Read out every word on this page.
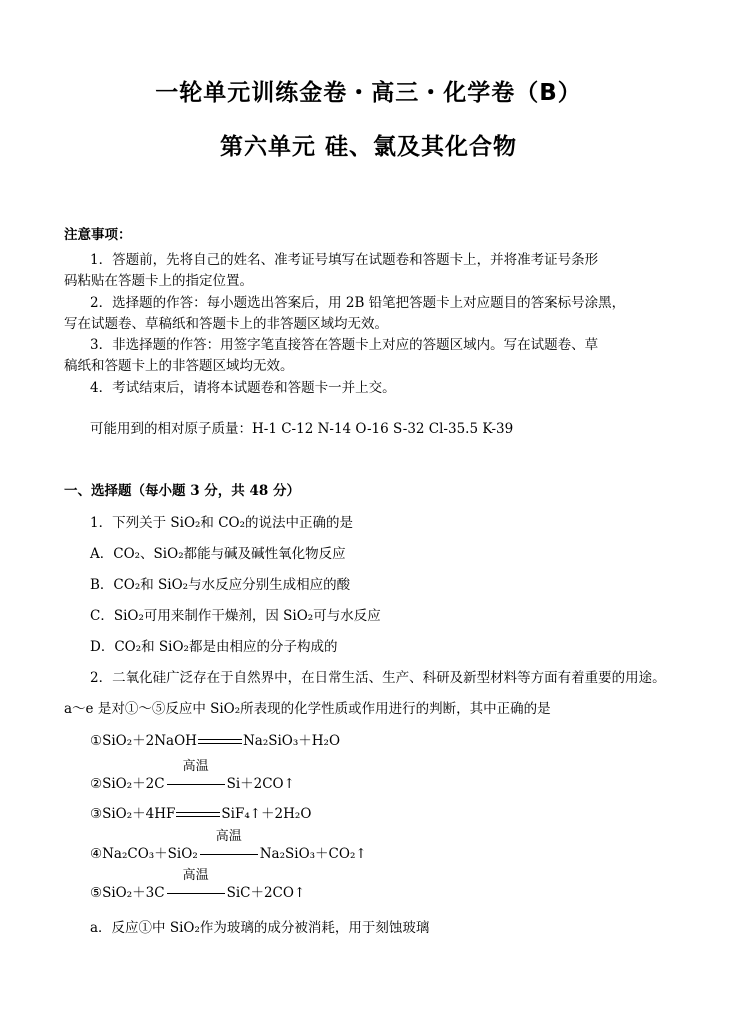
一轮单元训练金卷・高三・化学卷（B）
第六单元 硅、氯及其化合物
注意事项：
1．答题前，先将自己的姓名、准考证号填写在试题卷和答题卡上，并将准考证号条形
码粘贴在答题卡上的指定位置。
2．选择题的作答：每小题选出答案后，用 2B 铅笔把答题卡上对应题目的答案标号涂黑，
写在试题卷、草稿纸和答题卡上的非答题区域均无效。
3．非选择题的作答：用签字笔直接答在答题卡上对应的答题区域内。写在试题卷、草
稿纸和答题卡上的非答题区域均无效。
4．考试结束后，请将本试题卷和答题卡一并上交。
可能用到的相对原子质量：H-1 C-12 N-14 O-16 S-32 Cl-35.5 K-39
一、选择题（每小题 3 分，共 48 分）
1．下列关于 SiO₂和 CO₂的说法中正确的是
A．CO₂、SiO₂都能与碱及碱性氧化物反应
B．CO₂和 SiO₂与水反应分别生成相应的酸
C．SiO₂可用来制作干燥剂，因 SiO₂可与水反应
D．CO₂和 SiO₂都是由相应的分子构成的
2．二氧化硅广泛存在于自然界中，在日常生活、生产、科研及新型材料等方面有着重要的用途。
a～e 是对①～⑤反应中 SiO₂所表现的化学性质或作用进行的判断，其中正确的是
①SiO₂＋2NaOH	Na₂SiO₃＋H₂O
②SiO₂＋2C
高温
Si＋2CO↑
③SiO₂＋4HF	SiF₄↑＋2H₂O
④Na₂CO₃＋SiO₂
高温
Na₂SiO₃＋CO₂↑
⑤SiO₂＋3C
高温
SiC＋2CO↑
a．反应①中 SiO₂作为玻璃的成分被消耗，用于刻蚀玻璃
